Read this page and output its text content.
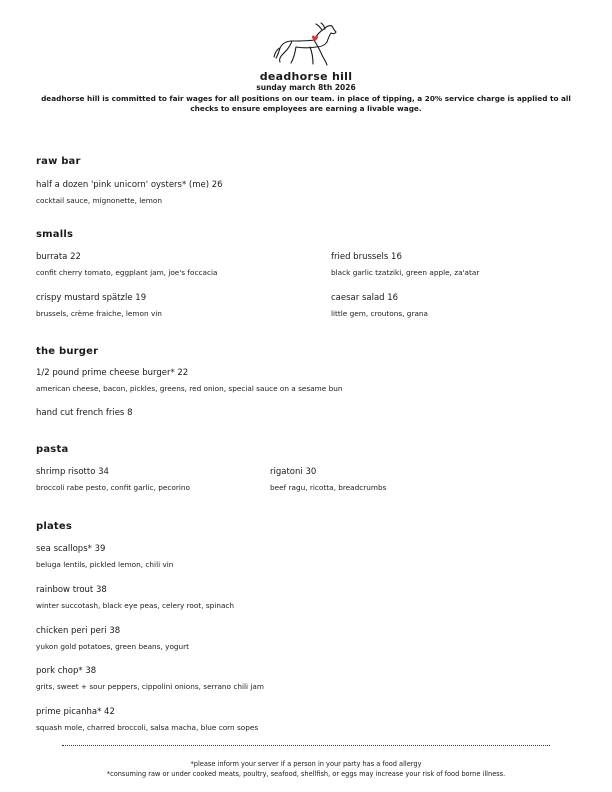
deadhorse hill
sunday march 8th 2026
deadhorse hill is committed to fair wages for all positions on our team. in place of tipping, a 20% service charge is applied to all checks to ensure employees are earning a livable wage.
raw bar
half a dozen 'pink unicorn' oysters* (me) 26
cocktail sauce, mignonette, lemon
smalls
burrata 22
confit cherry tomato, eggplant jam, joe's foccacia
fried brussels 16
black garlic tzatziki, green apple, za'atar
crispy mustard spätzle 19
brussels, crème fraiche, lemon vin
caesar salad 16
little gem, croutons, grana
the burger
1/2 pound prime cheese burger* 22
american cheese, bacon, pickles, greens, red onion, special sauce on a sesame bun
hand cut french fries 8
pasta
shrimp risotto 34
broccoli rabe pesto, confit garlic, pecorino
rigatoni 30
beef ragu, ricotta, breadcrumbs
plates
sea scallops* 39
beluga lentils, pickled lemon, chili vin
rainbow trout 38
winter succotash, black eye peas, celery root, spinach
chicken peri peri 38
yukon gold potatoes, green beans, yogurt
pork chop* 38
grits, sweet + sour peppers, cippolini onions, serrano chili jam
prime picanha* 42
squash mole, charred broccoli, salsa macha, blue corn sopes
*please inform your server if a person in your party has a food allergy
*consuming raw or under cooked meats, poultry, seafood, shellfish, or eggs may increase your risk of food borne illness.
